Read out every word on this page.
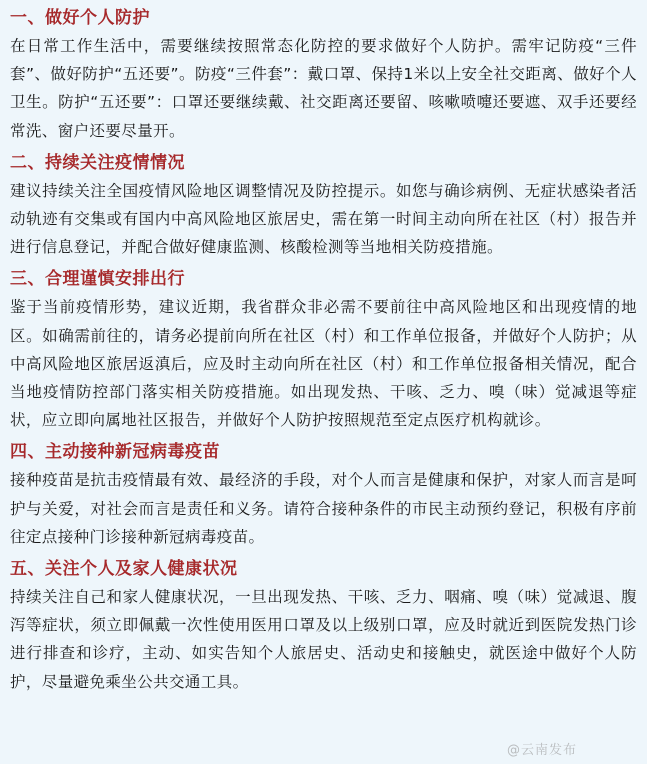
一、做好个人防护

在日常工作生活中，需要继续按照常态化防控的要求做好个人防护。需牢记防疫“三件套”、做好防护“五还要”。防疫“三件套”：戴口罩、保持1米以上安全社交距离、做好个人卫生。防护“五还要”：口罩还要继续戴、社交距离还要留、咳嗽喷嚏还要遮、双手还要经常洗、窗户还要尽量开。

二、持续关注疫情情况

建议持续关注全国疫情风险地区调整情况及防控提示。如您与确诊病例、无症状感染者活动轨迹有交集或有国内中高风险地区旅居史，需在第一时间主动向所在社区（村）报告并进行信息登记，并配合做好健康监测、核酸检测等当地相关防疫措施。

三、合理谨慎安排出行

鉴于当前疫情形势，建议近期，我省群众非必需不要前往中高风险地区和出现疫情的地区。如确需前往的，请务必提前向所在社区（村）和工作单位报备，并做好个人防护；从中高风险地区旅居返滇后，应及时主动向所在社区（村）和工作单位报备相关情况，配合当地疫情防控部门落实相关防疫措施。如出现发热、干咳、乏力、嗅（味）觉减退等症状，应立即向属地社区报告，并做好个人防护按照规范至定点医疗机构就诊。

四、主动接种新冠病毒疫苗

接种疫苗是抗击疫情最有效、最经济的手段，对个人而言是健康和保护，对家人而言是呵护与关爱，对社会而言是责任和义务。请符合接种条件的市民主动预约登记，积极有序前往定点接种门诊接种新冠病毒疫苗。

五、关注个人及家人健康状况

持续关注自己和家人健康状况，一旦出现发热、干咳、乏力、咽痛、嗅（味）觉减退、腹泻等症状，须立即佩戴一次性使用医用口罩及以上级别口罩，应及时就近到医院发热门诊进行排查和诊疗，主动、如实告知个人旅居史、活动史和接触史，就医途中做好个人防护，尽量避免乘坐公共交通工具。

@云南发布
